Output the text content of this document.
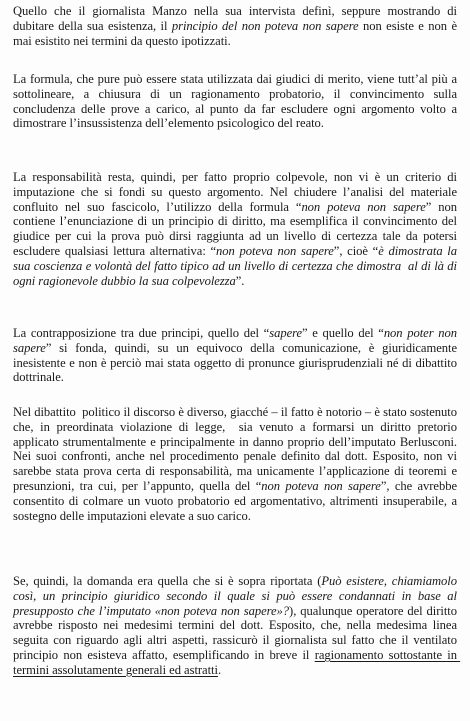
Quello che il giornalista Manzo nella sua intervista definì, seppure mostrando di dubitare della sua esistenza, il principio del non poteva non sapere non esiste e non è mai esistito nei termini da questo ipotizzati.

La formula, che pure può essere stata utilizzata dai giudici di merito, viene tutt’al più a sottolineare, a chiusura di un ragionamento probatorio, il convincimento sulla concludenza delle prove a carico, al punto da far escludere ogni argomento volto a dimostrare l’insussistenza dell’elemento psicologico del reato.

La responsabilità resta, quindi, per fatto proprio colpevole, non vi è un criterio di imputazione che si fondi su questo argomento. Nel chiudere l’analisi del materiale confluito nel suo fascicolo, l’utilizzo della formula “non poteva non sapere” non contiene l’enunciazione di un principio di diritto, ma esemplifica il convincimento del giudice per cui la prova può dirsi raggiunta ad un livello di certezza tale da potersi escludere qualsiasi lettura alternativa: “non poteva non sapere”, cioè “è dimostrata la sua coscienza e volontà del fatto tipico ad un livello di certezza che dimostra  al di là di ogni ragionevole dubbio la sua colpevolezza”.

La contrapposizione tra due principi, quello del “sapere” e quello del “non poter non sapere” si fonda, quindi, su un equivoco della comunicazione, è giuridicamente inesistente e non è perciò mai stata oggetto di pronunce giurisprudenziali né di dibattito dottrinale.

Nel dibattito  politico il discorso è diverso, giacché – il fatto è notorio – è stato sostenuto che, in preordinata violazione di legge,  sia venuto a formarsi un diritto pretorio applicato strumentalmente e principalmente in danno proprio dell’imputato Berlusconi. Nei suoi confronti, anche nel procedimento penale definito dal dott. Esposito, non vi sarebbe stata prova certa di responsabilità, ma unicamente l’applicazione di teoremi e presunzioni, tra cui, per l’appunto, quella del “non poteva non sapere”, che avrebbe consentito di colmare un vuoto probatorio ed argomentativo, altrimenti insuperabile, a sostegno delle imputazioni elevate a suo carico.

Se, quindi, la domanda era quella che si è sopra riportata (Può esistere, chiamiamolo così, un principio giuridico secondo il quale si può essere condannati in base al presupposto che l’imputato «non poteva non sapere»?), qualunque operatore del diritto avrebbe risposto nei medesimi termini del dott. Esposito, che, nella medesima linea seguita con riguardo agli altri aspetti, rassicurò il giornalista sul fatto che il ventilato principio non esisteva affatto, esemplificando in breve il ragionamento sottostante in termini assolutamente generali ed astratti.
